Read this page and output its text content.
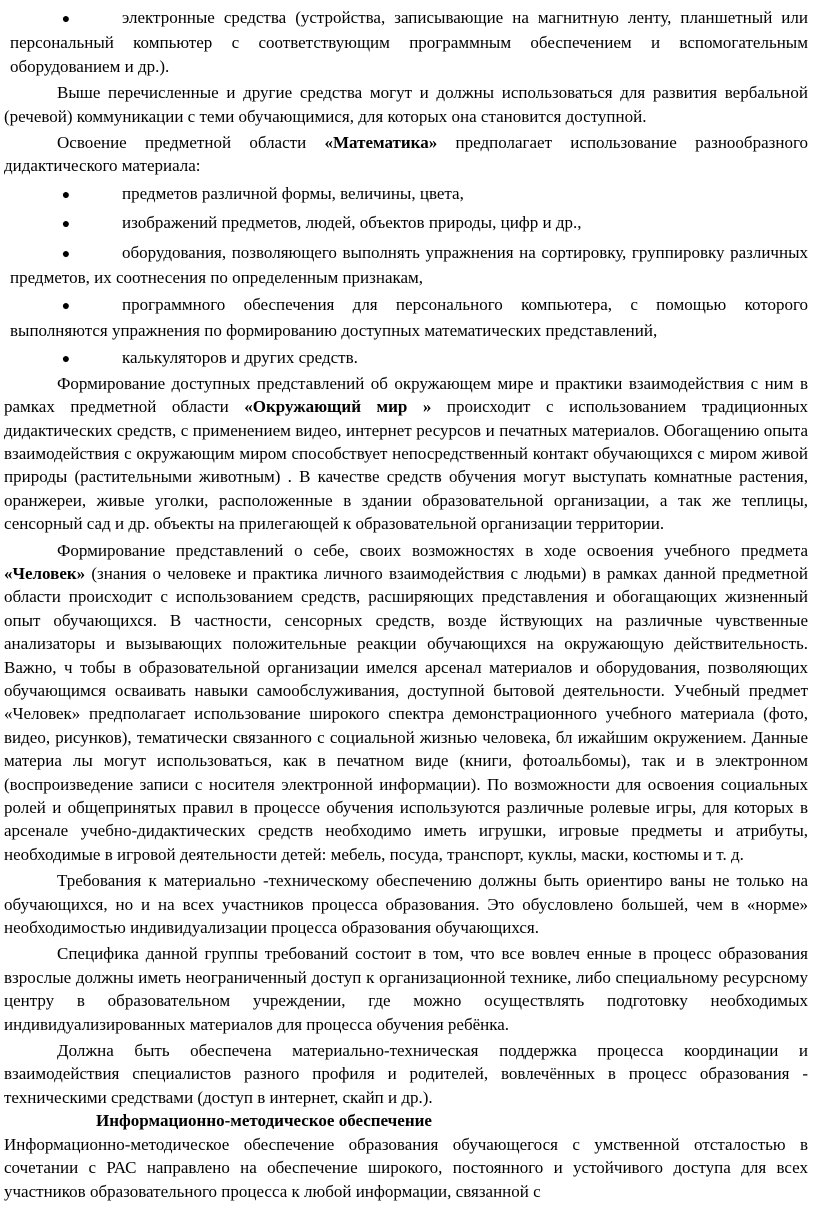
●	электронные средства (устройства, записывающие на магнитную ленту, планшетный или персональный компьютер с соответствующим программным обеспечением и вспомогательным оборудованием и др.).

Выше перечисленные и другие средства могут и должны использоваться для развития вербальной (речевой) коммуникации с теми обучающимися, для которых она становится доступной.

Освоение предметной области «Математика» предполагает использование разнообразного дидактического материала:

●	предметов различной формы, величины, цвета,

●	изображений предметов, людей, объектов природы, цифр и др.,

●	оборудования, позволяющего выполнять упражнения на сортировку, группировку различных предметов, их соотнесения по определенным признакам,

●	программного обеспечения для персонального компьютера, с помощью которого выполняются упражнения по формированию доступных математических представлений,

●	калькуляторов и других средств.

Формирование доступных представлений об окружающем мире и практики взаимодействия с ним в рамках предметной области «Окружающий мир » происходит с использованием традиционных дидактических средств, с применением видео, интернет ресурсов и печатных материалов. Обогащению опыта взаимодействия с окружающим миром способствует непосредственный контакт обучающихся с миром живой природы (растительными животным) . В качестве средств обучения могут выступать комнатные растения, оранжереи, живые уголки, расположенные в здании образовательной организации, а так же теплицы, сенсорный сад и др. объекты на прилегающей к образовательной организации территории.

Формирование представлений о себе, своих возможностях в ходе освоения учебного предмета «Человек» (знания о человеке и практика личного взаимодействия с людьми) в рамках данной предметной области происходит с использованием средств, расширяющих представления и обогащающих жизненный опыт обучающихся. В частности, сенсорных средств, возде йствующих на различные чувственные анализаторы и вызывающих положительные реакции обучающихся на окружающую действительность. Важно, ч тобы в образовательной организации имелся арсенал материалов и оборудования, позволяющих обучающимся осваивать навыки самообслуживания, доступной бытовой деятельности. Учебный предмет «Человек» предполагает использование широкого спектра демонстрационного учебного материала (фото, видео, рисунков), тематически связанного с социальной жизнью человека, бл ижайшим окружением. Данные материа лы могут использоваться, как в печатном виде (книги, фотоальбомы), так и в электронном (воспроизведение записи с носителя электронной информации). По возможности для освоения социальных ролей и общепринятых правил в процессе обучения используются различные ролевые игры, для которых в арсенале учебно-дидактических средств необходимо иметь игрушки, игровые предметы и атрибуты, необходимые в игровой деятельности детей: мебель, посуда, транспорт, куклы, маски, костюмы и т. д.

Требования к материально -техническому обеспечению должны быть ориентиро ваны не только на обучающихся, но и на всех участников процесса образования. Это обусловлено большей, чем в «норме» необходимостью индивидуализации процесса образования обучающихся.

Специфика данной группы требований состоит в том, что все вовлеч енные в процесс образования взрослые должны иметь неограниченный доступ к организационной технике, либо специальному ресурсному центру в образовательном учреждении, где можно осуществлять подготовку необходимых индивидуализированных материалов для процесса обучения ребёнка.

Должна быть обеспечена материально-техническая поддержка процесса координации и взаимодействия специалистов разного профиля и родителей, вовлечённых в процесс образования - техническими средствами (доступ в интернет, скайп и др.).

Информационно-методическое обеспечение

Информационно-методическое обеспечение образования обучающегося с умственной отсталостью в сочетании с РАС направлено на обеспечение широкого, постоянного и устойчивого доступа для всех участников образовательного процесса к любой информации, связанной с
